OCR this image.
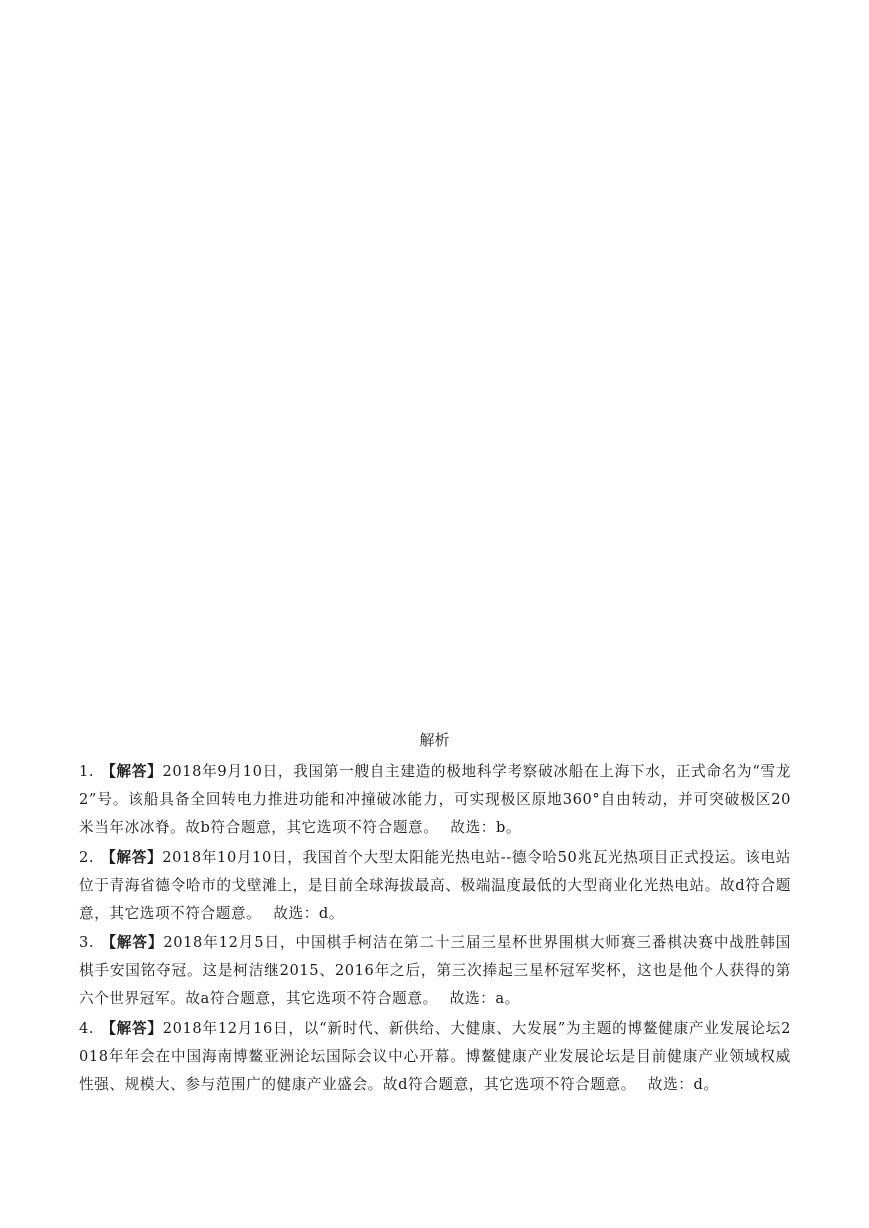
解析

1. 【解答】2018年9月10日，我国第一艘自主建造的极地科学考察破冰船在上海下水，正式命名为“雪龙2”号。该船具备全回转电力推进功能和冲撞破冰能力，可实现极区原地360°自由转动，并可突破极区20米当年冰冰脊。故b符合题意，其它选项不符合题意。 故选：b。

2. 【解答】2018年10月10日，我国首个大型太阳能光热电站--德令哈50兆瓦光热项目正式投运。该电站位于青海省德令哈市的戈壁滩上，是目前全球海拔最高、极端温度最低的大型商业化光热电站。故d符合题意，其它选项不符合题意。 故选：d。

3. 【解答】2018年12月5日，中国棋手柯洁在第二十三届三星杯世界围棋大师赛三番棋决赛中战胜韩国棋手安国铭夺冠。这是柯洁继2015、2016年之后，第三次捧起三星杯冠军奖杯，这也是他个人获得的第六个世界冠军。故a符合题意，其它选项不符合题意。 故选：a。

4. 【解答】2018年12月16日，以“新时代、新供给、大健康、大发展”为主题的博鳌健康产业发展论坛2018年年会在中国海南博鳌亚洲论坛国际会议中心开幕。博鳌健康产业发展论坛是目前健康产业领域权威性强、规模大、参与范围广的健康产业盛会。故d符合题意，其它选项不符合题意。 故选：d。
